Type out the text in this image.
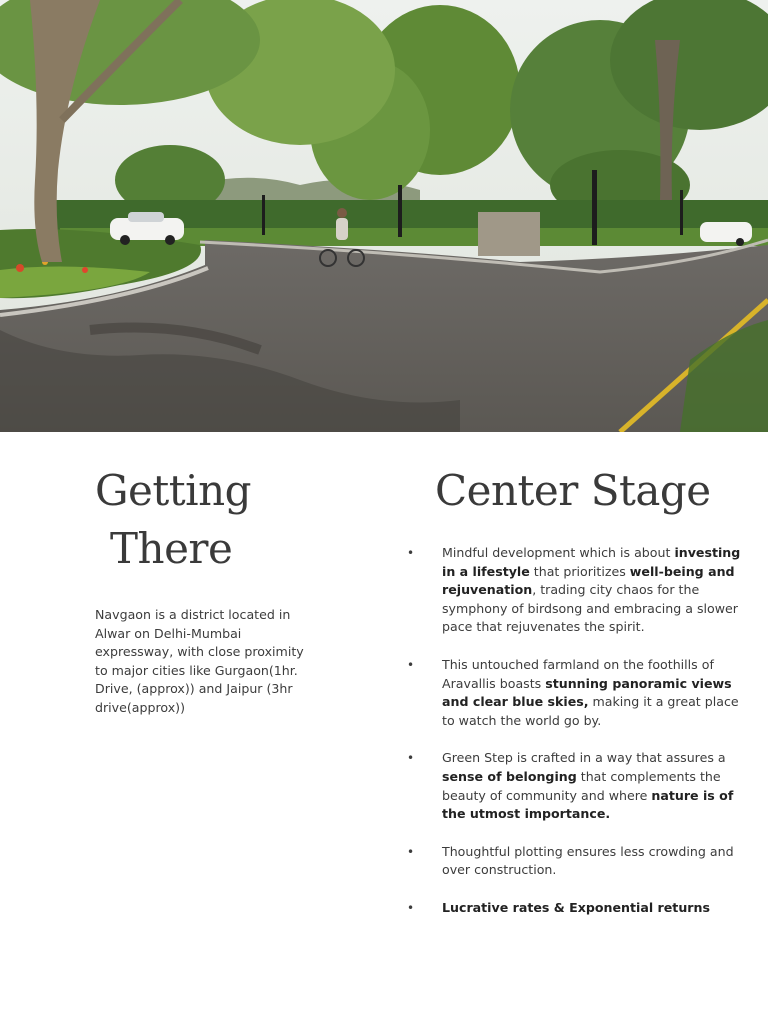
Getting
There

Navgaon is a district located in Alwar on Delhi-Mumbai expressway, with close proximity to major cities like Gurgaon(1hr. Drive, (approx)) and Jaipur (3hr drive(approx))

Center Stage
• Mindful development which is about investing in a lifestyle that prioritizes well-being and rejuvenation, trading city chaos for the symphony of birdsong and embracing a slower pace that rejuvenates the spirit.
• This untouched farmland on the foothills of Aravallis boasts stunning panoramic views and clear blue skies, making it a great place to watch the world go by.
• Green Step is crafted in a way that assures a sense of belonging that complements the beauty of community and where nature is of the utmost importance.
• Thoughtful plotting ensures less crowding and over construction.
• Lucrative rates & Exponential returns
